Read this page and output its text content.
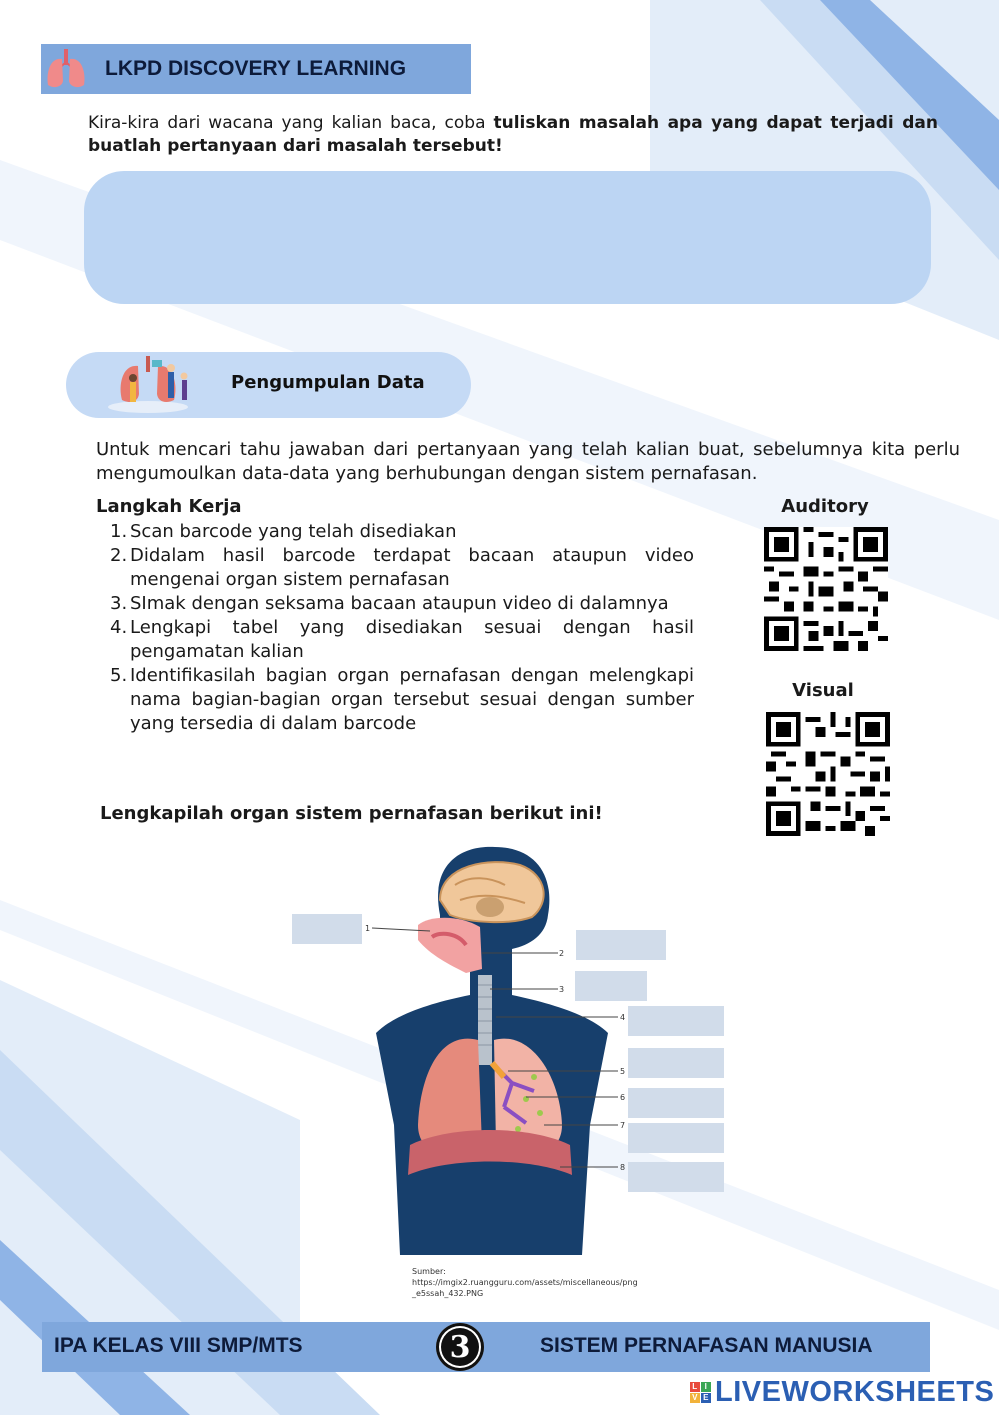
LKPD DISCOVERY LEARNING
Kira-kira dari wacana yang kalian baca, coba tuliskan masalah apa yang dapat terjadi dan buatlah pertanyaan dari masalah tersebut!
Pengumpulan Data
Untuk mencari tahu jawaban dari pertanyaan yang telah kalian buat, sebelumnya kita perlu mengumoulkan data-data yang berhubungan dengan sistem pernafasan.
Langkah Kerja
1. Scan barcode yang telah disediakan
2. Didalam hasil barcode terdapat bacaan ataupun video mengenai organ sistem pernafasan
3. SImak dengan seksama bacaan ataupun video di dalamnya
4. Lengkapi tabel yang disediakan sesuai dengan hasil pengamatan kalian
5. Identifikasilah bagian organ pernafasan dengan melengkapi nama bagian-bagian organ tersebut sesuai dengan sumber yang tersedia di dalam barcode
Auditory
Visual
Lengkapilah organ sistem pernafasan berikut ini!
1
2
3
4
5
6
7
8
Sumber:
https://imgix2.ruangguru.com/assets/miscellaneous/png
_e5ssah_432.PNG
IPA KELAS VIII SMP/MTS	3	SISTEM PERNAFASAN MANUSIA
L I
V E LIVEWORKSHEETS
